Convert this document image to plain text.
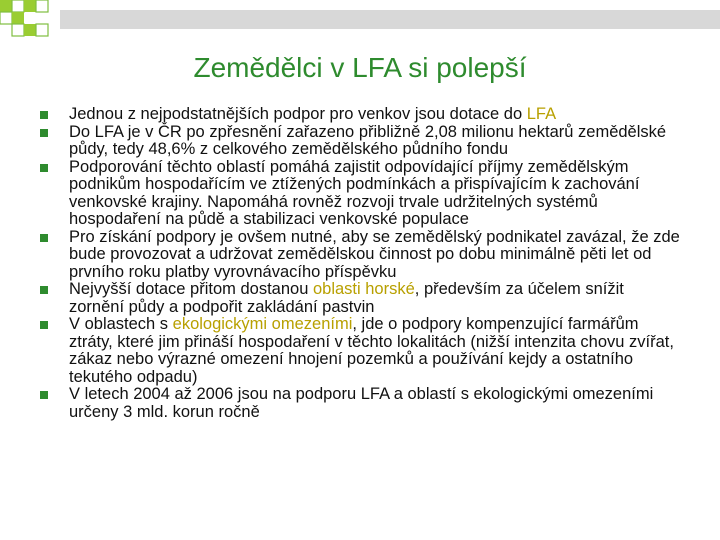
Zemědělci v LFA si polepší
Jednou z nejpodstatnějších podpor pro venkov jsou dotace do LFA
Do LFA je v ČR po zpřesnění zařazeno přibližně 2,08 milionu hektarů zemědělské půdy, tedy 48,6% z celkového zemědělského půdního fondu
Podporování těchto oblastí pomáhá zajistit odpovídající příjmy zemědělským podnikům hospodařícím ve ztížených podmínkách a přispívajícím k zachování venkovské krajiny. Napomáhá rovněž rozvoji trvale udržitelných systémů hospodaření na půdě a stabilizaci venkovské populace
Pro získání podpory je ovšem nutné, aby se zemědělský podnikatel zavázal, že zde bude provozovat a udržovat zemědělskou činnost po dobu minimálně pěti let od prvního roku platby vyrovnávacího příspěvku
Nejvyšší dotace přitom dostanou oblasti horské, především za účelem snížit zornění půdy a podpořit zakládání pastvin
V oblastech s ekologickými omezeními, jde o podpory kompenzující farmářům ztráty, které jim přináší hospodaření v těchto lokalitách (nižší intenzita chovu zvířat, zákaz nebo výrazné omezení hnojení pozemků a používání kejdy a ostatního tekutého odpadu)
V letech 2004 až 2006 jsou na podporu LFA a oblastí s ekologickými omezeními určeny 3 mld. korun ročně
